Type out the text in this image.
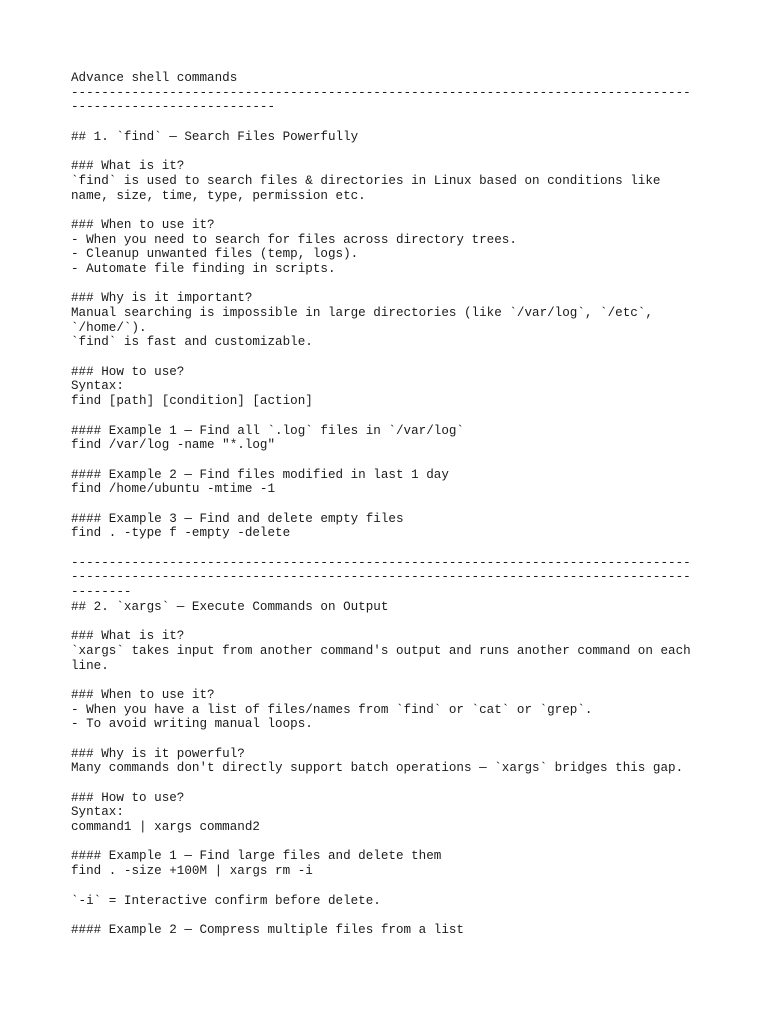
Advance shell commands
----------------------------------------------------------------------------------
---------------------------
## 1. `find` — Search Files Powerfully
### What is it?
`find` is used to search files & directories in Linux based on conditions like
name, size, time, type, permission etc.
### When to use it?
- When you need to search for files across directory trees.
- Cleanup unwanted files (temp, logs).
- Automate file finding in scripts.
### Why is it important?
Manual searching is impossible in large directories (like `/var/log`, `/etc`,
`/home/`).
`find` is fast and customizable.
### How to use?
Syntax:
find [path] [condition] [action]
#### Example 1 — Find all `.log` files in `/var/log`
find /var/log -name "*.log"
#### Example 2 — Find files modified in last 1 day
find /home/ubuntu -mtime -1
#### Example 3 — Find and delete empty files
find . -type f -empty -delete
----------------------------------------------------------------------------------
----------------------------------------------------------------------------------
--------
## 2. `xargs` — Execute Commands on Output
### What is it?
`xargs` takes input from another command's output and runs another command on each
line.
### When to use it?
- When you have a list of files/names from `find` or `cat` or `grep`.
- To avoid writing manual loops.
### Why is it powerful?
Many commands don't directly support batch operations — `xargs` bridges this gap.
### How to use?
Syntax:
command1 | xargs command2
#### Example 1 — Find large files and delete them
find . -size +100M | xargs rm -i
`-i` = Interactive confirm before delete.
#### Example 2 — Compress multiple files from a list
